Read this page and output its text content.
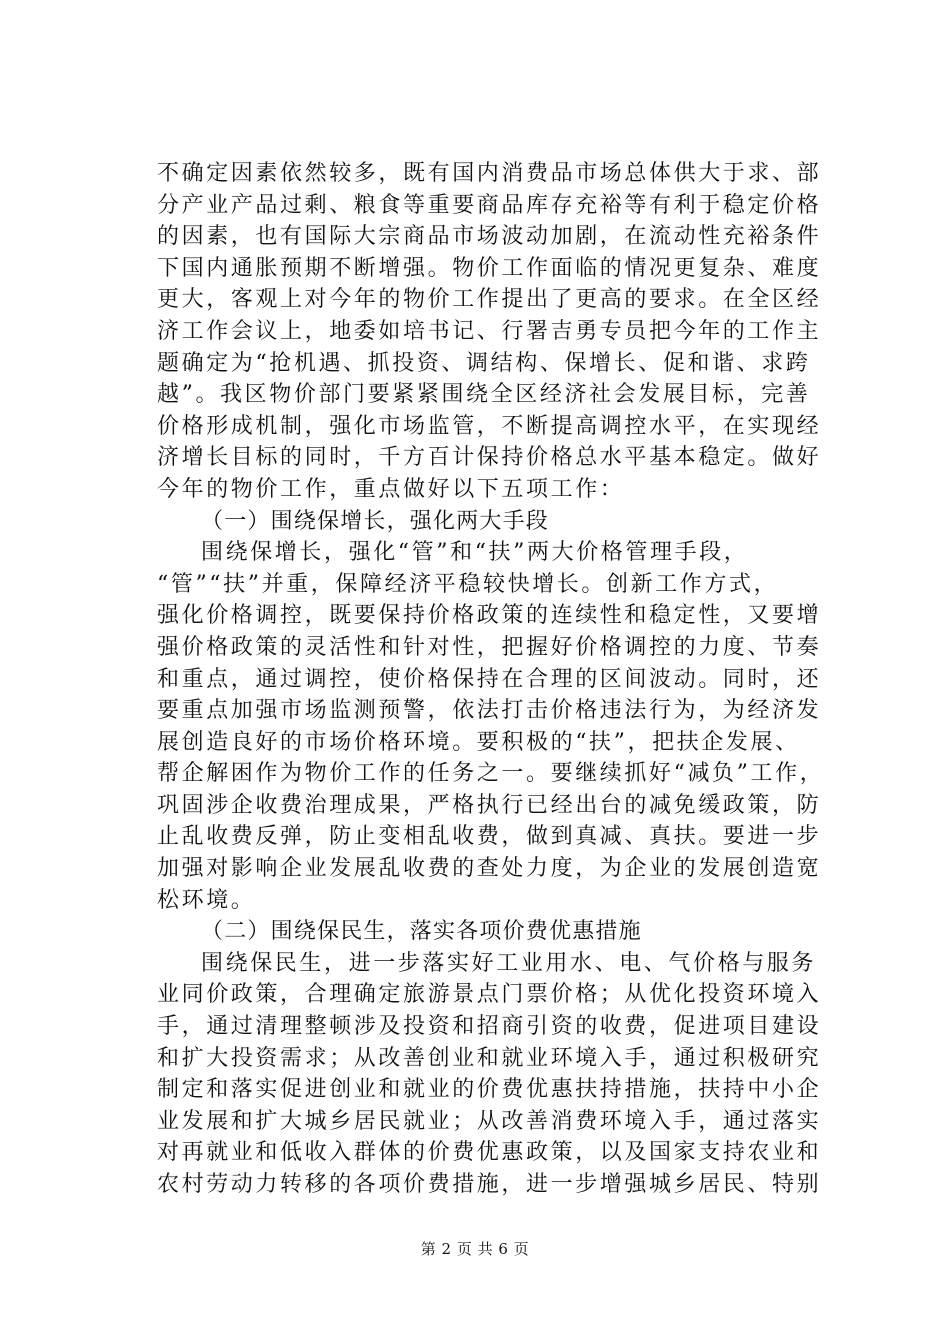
不确定因素依然较多，既有国内消费品市场总体供大于求、部
分产业产品过剩、粮食等重要商品库存充裕等有利于稳定价格
的因素，也有国际大宗商品市场波动加剧，在流动性充裕条件
下国内通胀预期不断增强。物价工作面临的情况更复杂、难度
更大，客观上对今年的物价工作提出了更高的要求。在全区经
济工作会议上，地委如培书记、行署吉勇专员把今年的工作主
题确定为“抢机遇、抓投资、调结构、保增长、促和谐、求跨
越”。我区物价部门要紧紧围绕全区经济社会发展目标，完善
价格形成机制，强化市场监管，不断提高调控水平，在实现经
济增长目标的同时，千方百计保持价格总水平基本稳定。做好
今年的物价工作，重点做好以下五项工作：
（一）围绕保增长，强化两大手段
围绕保增长，强化“管”和“扶”两大价格管理手段，
“管”“扶”并重，保障经济平稳较快增长。创新工作方式，
强化价格调控，既要保持价格政策的连续性和稳定性，又要增
强价格政策的灵活性和针对性，把握好价格调控的力度、节奏
和重点，通过调控，使价格保持在合理的区间波动。同时，还
要重点加强市场监测预警，依法打击价格违法行为，为经济发
展创造良好的市场价格环境。要积极的“扶”，把扶企发展、
帮企解困作为物价工作的任务之一。要继续抓好“减负”工作，
巩固涉企收费治理成果，严格执行已经出台的减免缓政策，防
止乱收费反弹，防止变相乱收费，做到真减、真扶。要进一步
加强对影响企业发展乱收费的查处力度，为企业的发展创造宽
松环境。
（二）围绕保民生，落实各项价费优惠措施
围绕保民生，进一步落实好工业用水、电、气价格与服务
业同价政策，合理确定旅游景点门票价格；从优化投资环境入
手，通过清理整顿涉及投资和招商引资的收费，促进项目建设
和扩大投资需求；从改善创业和就业环境入手，通过积极研究
制定和落实促进创业和就业的价费优惠扶持措施，扶持中小企
业发展和扩大城乡居民就业；从改善消费环境入手，通过落实
对再就业和低收入群体的价费优惠政策，以及国家支持农业和
农村劳动力转移的各项价费措施，进一步增强城乡居民、特别
第 2 页 共 6 页
